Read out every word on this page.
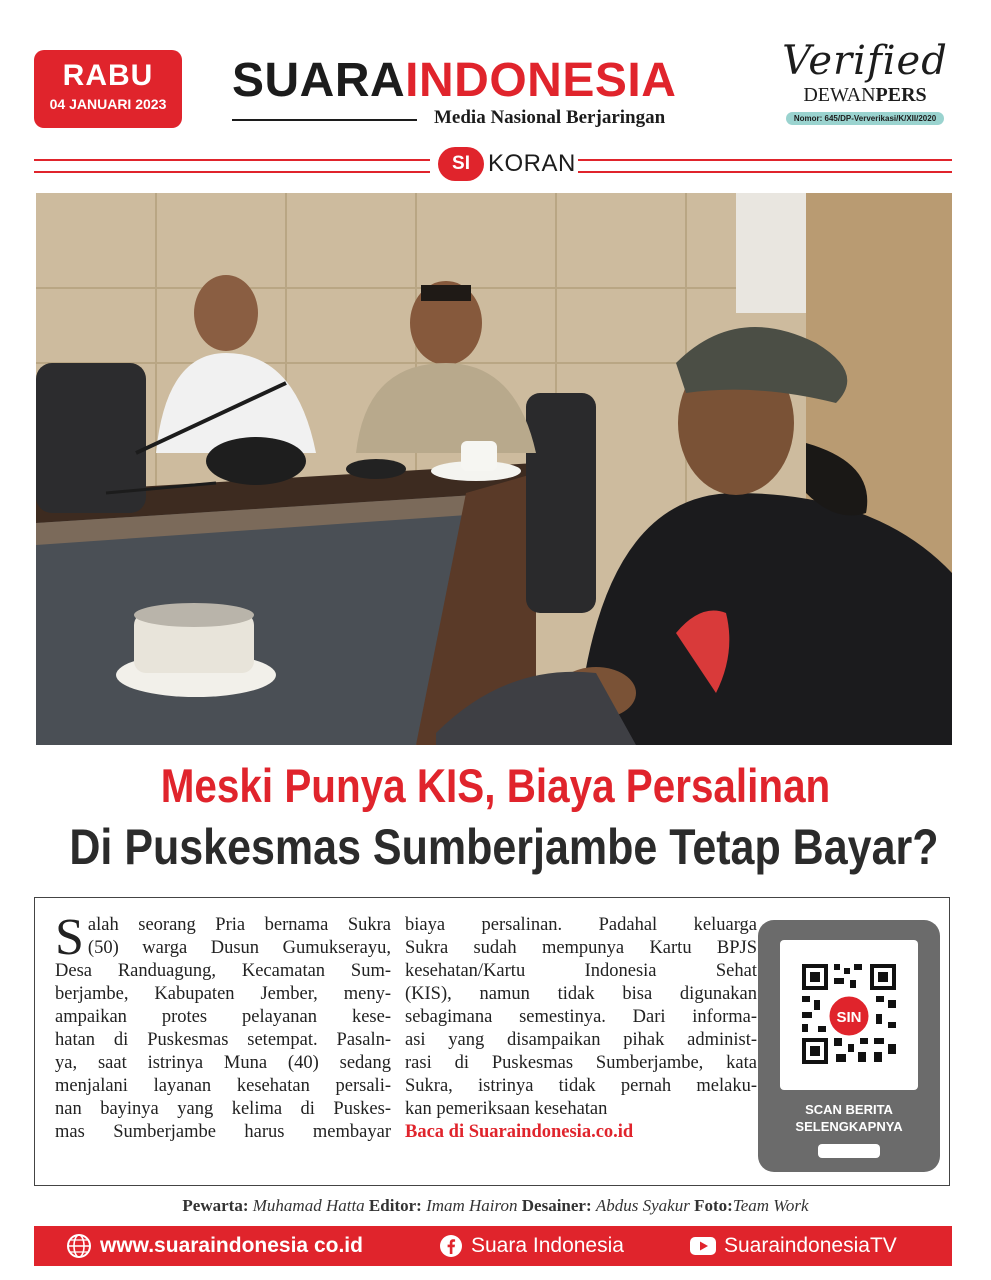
RABU
04 JANUARI 2023	SUARAINDONESIA
Media Nasional Berjaringan
Verified
DEWANPERS
Nomor: 645/DP-Ververikasi/K/XII/2020
SI KORAN
Meski Punya KIS, Biaya Persalinan
Di Puskesmas Sumberjambe Tetap Bayar?
S alah seorang Pria bernama Sukra
(50) warga Dusun Gumukserayu,
Desa Randuagung, Kecamatan Sum-
berjambe, Kabupaten Jember, meny-
ampaikan protes pelayanan kese-
hatan di Puskesmas setempat. Pasaln-
ya, saat istrinya Muna (40) sedang
menjalani layanan kesehatan persali-
nan bayinya yang kelima di Puskes-
mas Sumberjambe harus membayar
biaya persalinan. Padahal keluarga
Sukra sudah mempunya Kartu BPJS
kesehatan/Kartu Indonesia Sehat
(KIS), namun tidak bisa digunakan
sebagimana semestinya. Dari informa-
asi yang disampaikan pihak administ-
rasi di Puskesmas Sumberjambe, kata
Sukra, istrinya tidak pernah melaku-
kan pemeriksaan kesehatan
Baca di Suaraindonesia.co.id
SIN
SCAN BERITA
SELENGKAPNYA
Pewarta: Muhamad Hatta Editor: Imam Hairon Desainer: Abdus Syakur Foto:Team Work
www.suaraindonesia co.id	Suara Indonesia	SuaraindonesiaTV
